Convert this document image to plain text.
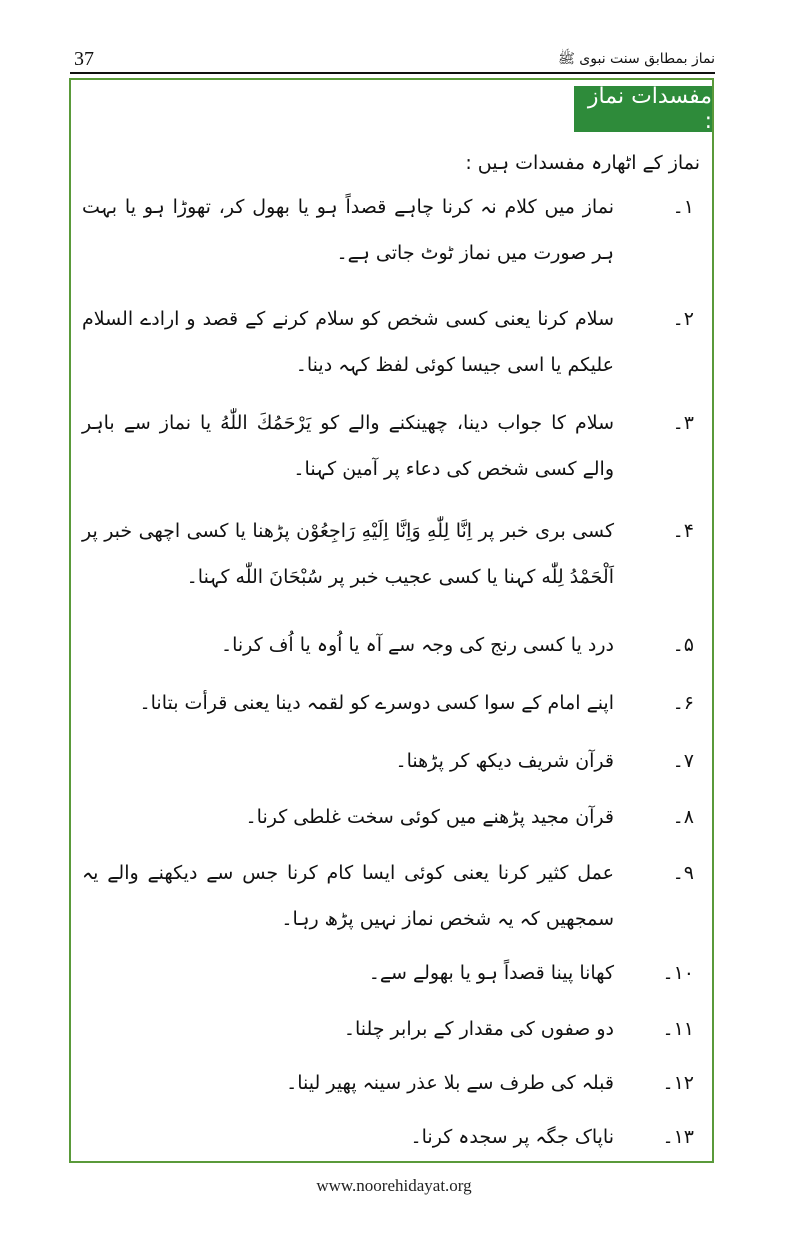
37	نماز بمطابق سنت نبوی ﷺ
مفسدات نماز :
نماز کے اٹھارہ مفسدات ہیں :
۱۔
نماز میں کلام نہ کرنا چاہے قصداً ہو یا بھول کر، تھوڑا ہو یا بہت ہر صورت میں نماز ٹوٹ جاتی ہے۔
۲۔
سلام کرنا یعنی کسی شخص کو سلام کرنے کے قصد و ارادے السلام علیکم یا اسی جیسا کوئی لفظ کہہ دینا۔
۳۔
سلام کا جواب دینا، چھینکنے والے کو یَرْحَمُكَ اللّٰهُ یا نماز سے باہر والے کسی شخص کی دعاء پر آمین کہنا۔
۴۔
کسی بری خبر پر اِنَّا لِلّٰهِ وَاِنَّا اِلَيْهِ رَاجِعُوْن پڑھنا یا کسی اچھی خبر پر اَلْحَمْدُ لِلّٰه کہنا یا کسی عجیب خبر پر سُبْحَانَ اللّٰه کہنا۔
۵۔
درد یا کسی رنج کی وجہ سے آہ یا اُوہ یا اُف کرنا۔
۶۔
اپنے امام کے سوا کسی دوسرے کو لقمہ دینا یعنی قرأت بتانا۔
۷۔
قرآن شریف دیکھ کر پڑھنا۔
۸۔
قرآن مجید پڑھنے میں کوئی سخت غلطی کرنا۔
۹۔
عمل کثیر کرنا یعنی کوئی ایسا کام کرنا جس سے دیکھنے والے یہ سمجھیں کہ یہ شخص نماز نہیں پڑھ رہا۔
۱۰۔
کھانا پینا قصداً ہو یا بھولے سے۔
۱۱۔
دو صفوں کی مقدار کے برابر چلنا۔
۱۲۔
قبلہ کی طرف سے بلا عذر سینہ پھیر لینا۔
۱۳۔
ناپاک جگہ پر سجدہ کرنا۔
www.noorehidayat.org
